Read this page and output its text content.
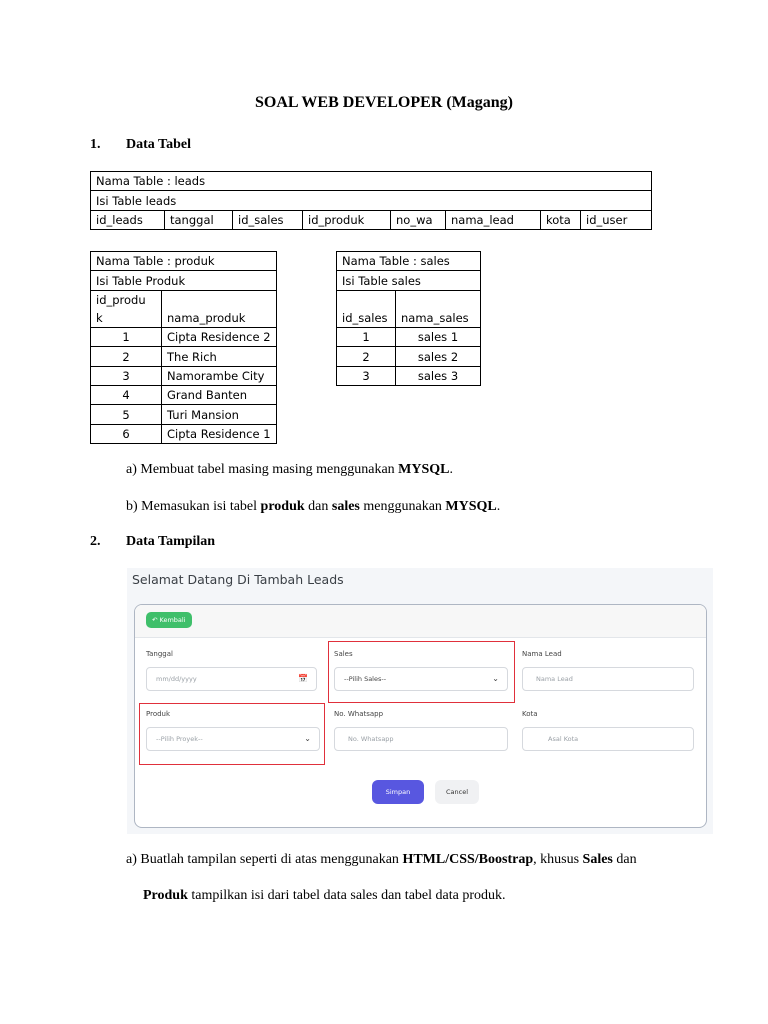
SOAL WEB DEVELOPER (Magang)
1. Data Tabel
Nama Table : leads
Isi Table leads
id_leads	tanggal	id_sales	id_produk	no_wa	nama_lead	kota	id_user
Nama Table : produk	
Isi Table Produk	
id_produ
k	nama_produk
1	Cipta Residence 2
2	The Rich
3	Namorambe City
4	Grand Banten
5	Turi Mansion
6	Cipta Residence 1
Nama Table : sales	
Isi Table sales	
id_sales	nama_sales
1	sales 1
2	sales 2
3	sales 3
a) Membuat tabel masing masing menggunakan MYSQL.
b) Memasukan isi tabel produk dan sales menggunakan MYSQL.
2. Data Tampilan
Selamat Datang Di Tambah Leads
↶ Kembali
Tanggal
mm/dd/yyyy	📅
Sales
--Pilih Sales--	⌄
Nama Lead
Nama Lead
Produk
--Pilih Proyek--	⌄
No. Whatsapp
No. Whatsapp
Kota
Asal Kota
Simpan	Cancel
a) Buatlah tampilan seperti di atas menggunakan HTML/CSS/Boostrap, khusus Sales dan
Produk tampilkan isi dari tabel data sales dan tabel data produk.
